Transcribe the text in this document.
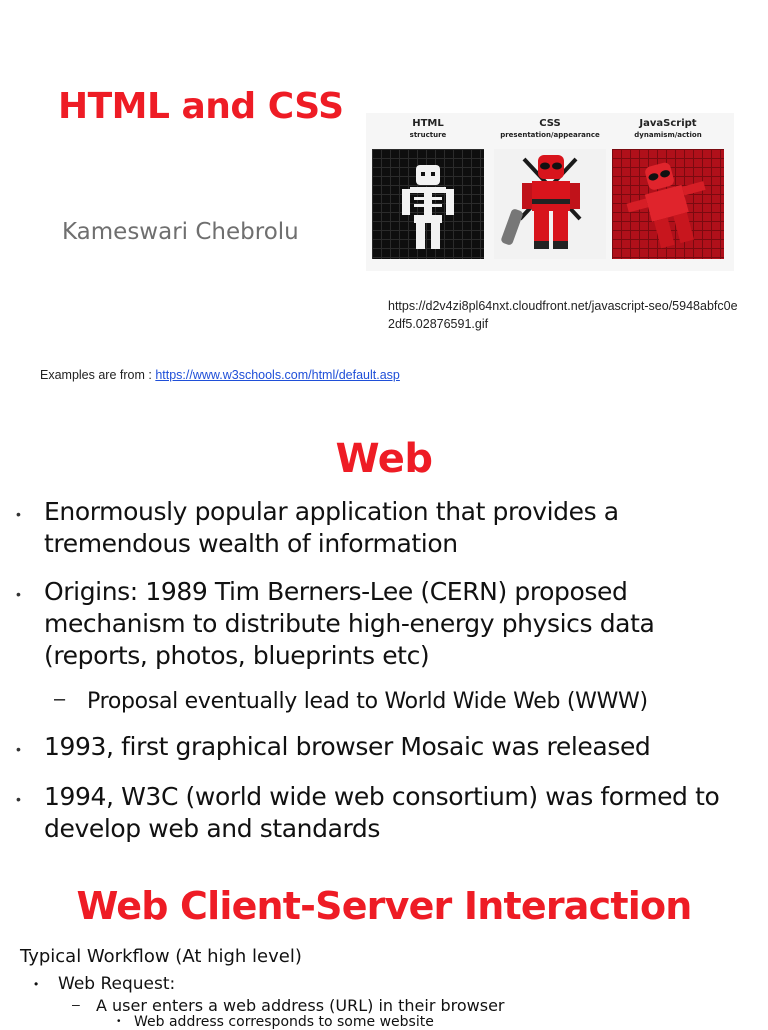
HTML and CSS
Kameswari Chebrolu
HTML
structure
CSS
presentation/appearance
JavaScript
dynamism/action
https://d2v4zi8pl64nxt.cloudfront.net/javascript-seo/5948abfc0e2df5.02876591.gif
Examples are from : https://www.w3schools.com/html/default.asp
Web
• Enormously popular application that provides a tremendous wealth of information
• Origins: 1989 Tim Berners-Lee (CERN) proposed mechanism to distribute high-energy physics data (reports, photos, blueprints etc)
– Proposal eventually lead to World Wide Web (WWW)
• 1993, first graphical browser Mosaic was released
• 1994, W3C (world wide web consortium) was formed to develop web and standards
Web Client-Server Interaction
Typical Workflow (At high level)
• Web Request:
– A user enters a web address (URL) in their browser
• Web address corresponds to some website
